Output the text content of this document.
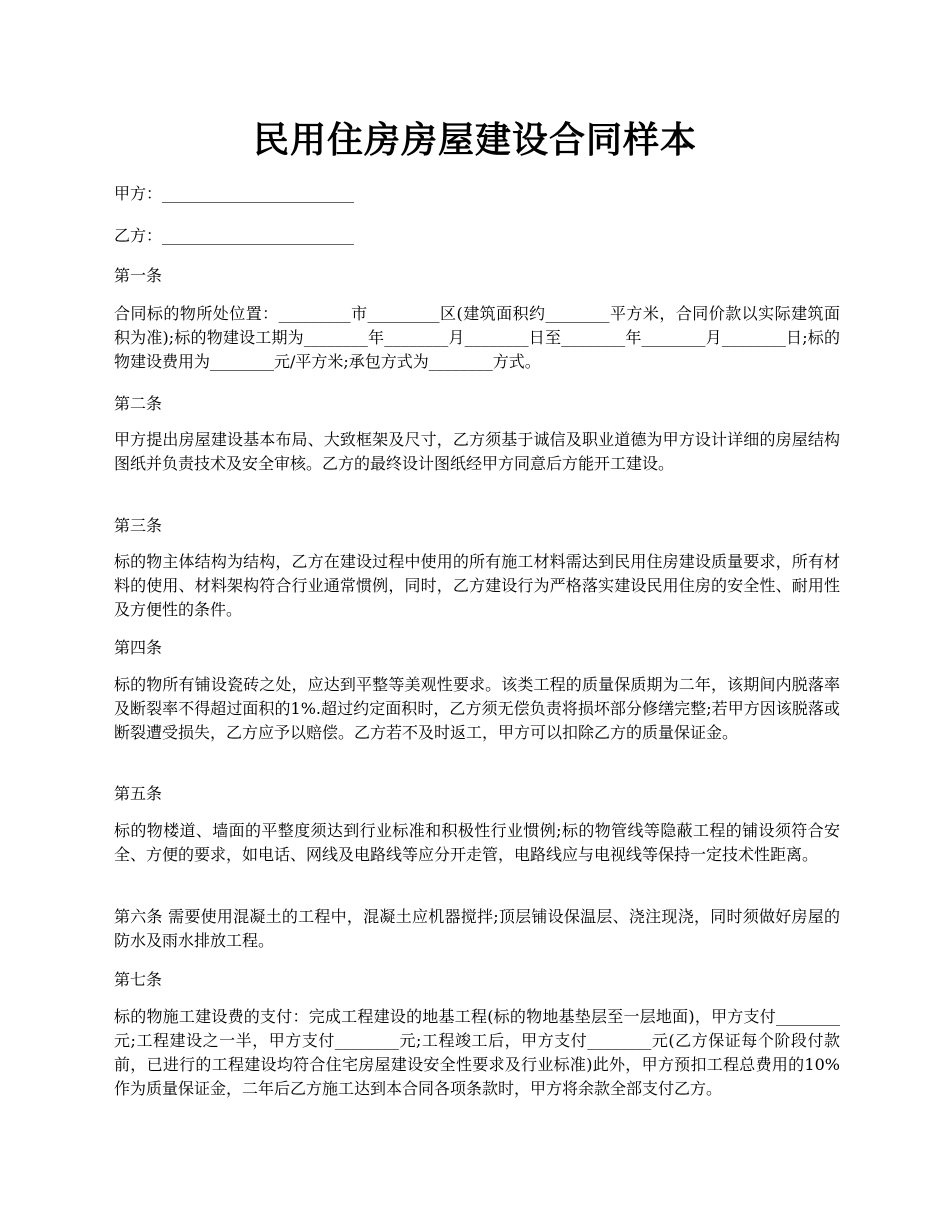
民用住房房屋建设合同样本
甲方：________________________
乙方：________________________
第一条
合同标的物所处位置：_________市_________区(建筑面积约________平方米，合同价款以实际建筑面积为准);标的物建设工期为________年________月________日至________年________月________日;标的物建设费用为________元/平方米;承包方式为________方式。
第二条
甲方提出房屋建设基本布局、大致框架及尺寸，乙方须基于诚信及职业道德为甲方设计详细的房屋结构图纸并负责技术及安全审核。乙方的最终设计图纸经甲方同意后方能开工建设。
第三条
标的物主体结构为结构，乙方在建设过程中使用的所有施工材料需达到民用住房建设质量要求，所有材料的使用、材料架构符合行业通常惯例，同时，乙方建设行为严格落实建设民用住房的安全性、耐用性及方便性的条件。
第四条
标的物所有铺设瓷砖之处，应达到平整等美观性要求。该类工程的质量保质期为二年，该期间内脱落率及断裂率不得超过面积的1%.超过约定面积时，乙方须无偿负责将损坏部分修缮完整;若甲方因该脱落或断裂遭受损失，乙方应予以赔偿。乙方若不及时返工，甲方可以扣除乙方的质量保证金。
第五条
标的物楼道、墙面的平整度须达到行业标准和积极性行业惯例;标的物管线等隐蔽工程的铺设须符合安全、方便的要求，如电话、网线及电路线等应分开走管，电路线应与电视线等保持一定技术性距离。
第六条 需要使用混凝土的工程中，混凝土应机器搅拌;顶层铺设保温层、浇注现浇，同时须做好房屋的防水及雨水排放工程。
第七条
标的物施工建设费的支付：完成工程建设的地基工程(标的物地基垫层至一层地面)，甲方支付________元;工程建设之一半，甲方支付________元;工程竣工后，甲方支付________元(乙方保证每个阶段付款前，已进行的工程建设均符合住宅房屋建设安全性要求及行业标准)此外，甲方预扣工程总费用的10%作为质量保证金，二年后乙方施工达到本合同各项条款时，甲方将余款全部支付乙方。
